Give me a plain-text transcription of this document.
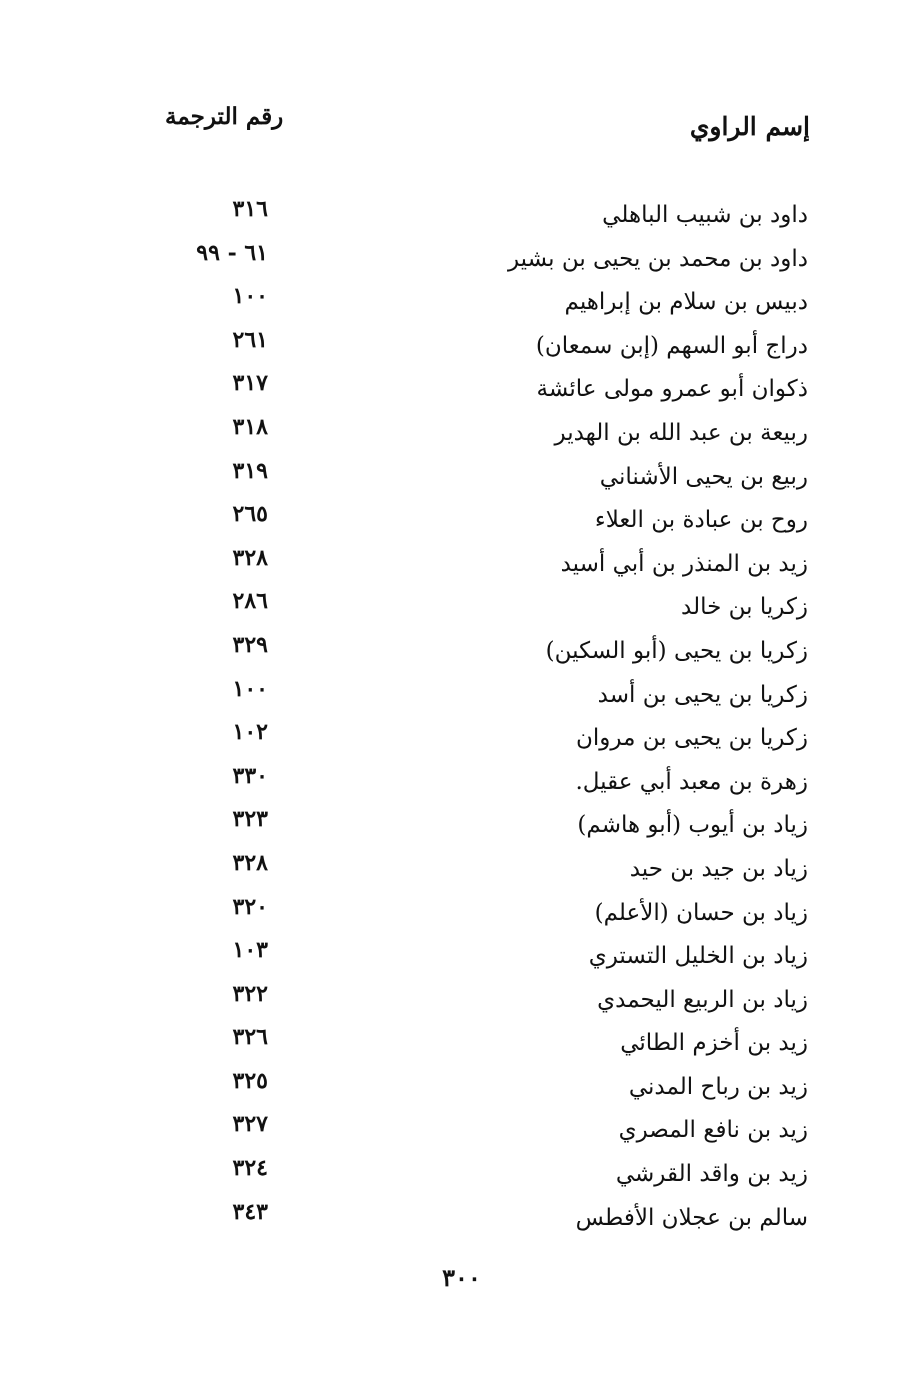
إسم الراوي
رقم الترجمة
داود بن شبيب الباهلي
٣١٦
داود بن محمد بن يحيى بن بشير
٦١ - ٩٩
دبيس بن سلام بن إبراهيم
١٠٠
دراج أبو السهم (إبن سمعان)
٢٦١
ذكوان أبو عمرو مولى عائشة
٣١٧
ربيعة بن عبد الله بن الهدير
٣١٨
ربيع بن يحيى الأشناني
٣١٩
روح بن عبادة بن العلاء
٢٦٥
زيد بن المنذر بن أبي أسيد
٣٢٨
زكريا بن خالد
٢٨٦
زكريا بن يحيى (أبو السكين)
٣٢٩
زكريا بن يحيى بن أسد
١٠٠
زكريا بن يحيى بن مروان
١٠٢
زهرة بن معبد أبي عقيل.
٣٣٠
زياد بن أيوب (أبو هاشم)
٣٢٣
زياد بن جيد بن حيد
٣٢٨
زياد بن حسان (الأعلم)
٣٢٠
زياد بن الخليل التستري
١٠٣
زياد بن الربيع اليحمدي
٣٢٢
زيد بن أخزم الطائي
٣٢٦
زيد بن رباح المدني
٣٢٥
زيد بن نافع المصري
٣٢٧
زيد بن واقد القرشي
٣٢٤
سالم بن عجلان الأفطس
٣٤٣
٣٠٠
